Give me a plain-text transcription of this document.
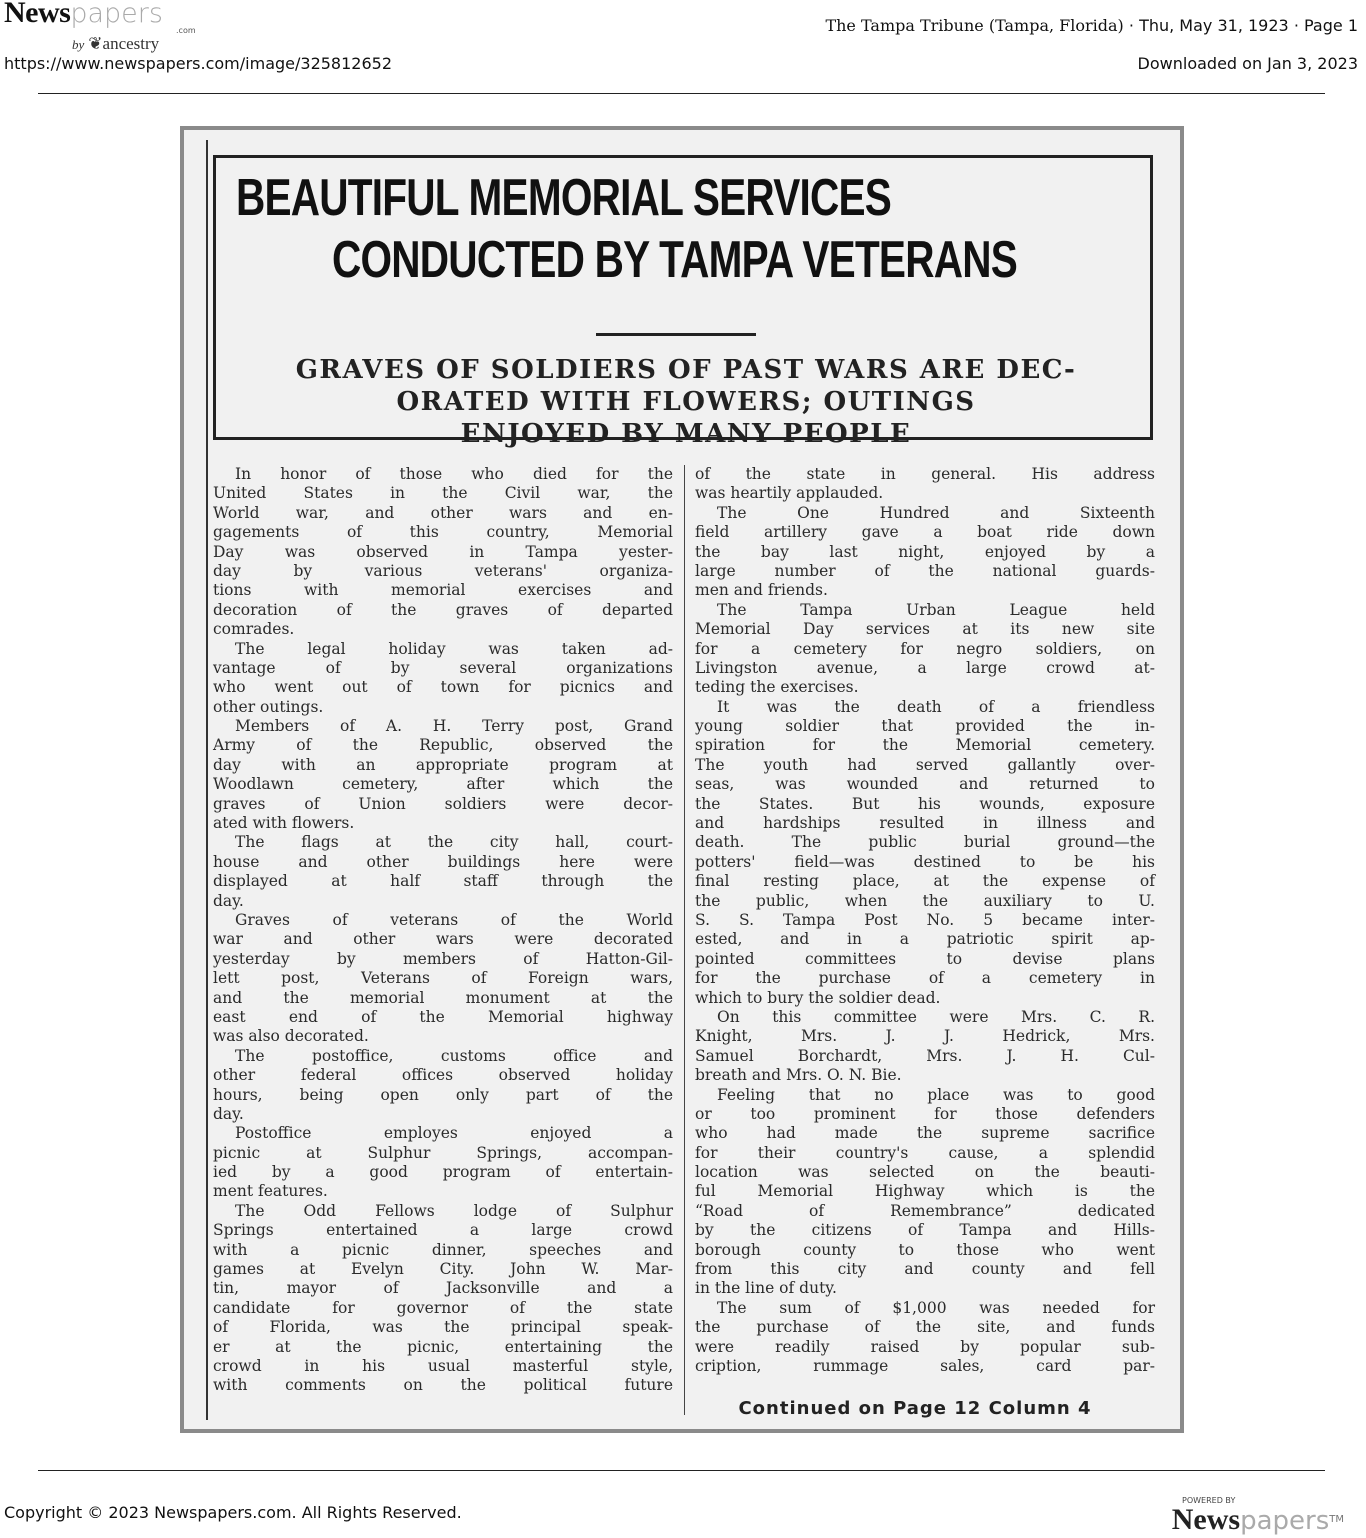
Newspapers
.com
by ❦ancestry
https://www.newspapers.com/image/325812652
The Tampa Tribune (Tampa, Florida) · Thu, May 31, 1923 · Page 1
Downloaded on Jan 3, 2023
BEAUTIFUL MEMORIAL SERVICES
CONDUCTED BY TAMPA VETERANS
GRAVES OF SOLDIERS OF PAST WARS ARE DEC-
ORATED WITH FLOWERS; OUTINGS
ENJOYED BY MANY PEOPLE
In honor of those who died for the
United States in the Civil war, the
World war, and other wars and en-
gagements of this country, Memorial
Day was observed in Tampa yester-
day by various veterans' organiza-
tions with memorial exercises and
decoration of the graves of departed
comrades.
The legal holiday was taken ad-
vantage of by several organizations
who went out of town for picnics and
other outings.
Members of A. H. Terry post, Grand
Army of the Republic, observed the
day with an appropriate program at
Woodlawn cemetery, after which the
graves of Union soldiers were decor-
ated with flowers.
The flags at the city hall, court-
house and other buildings here were
displayed at half staff through the
day.
Graves of veterans of the World
war and other wars were decorated
yesterday by members of Hatton-Gil-
lett post, Veterans of Foreign wars,
and the memorial monument at the
east end of the Memorial highway
was also decorated.
The postoffice, customs office and
other federal offices observed holiday
hours, being open only part of the
day.
Postoffice employes enjoyed a
picnic at Sulphur Springs, accompan-
ied by a good program of entertain-
ment features.
The Odd Fellows lodge of Sulphur
Springs entertained a large crowd
with a picnic dinner, speeches and
games at Evelyn City. John W. Mar-
tin, mayor of Jacksonville and a
candidate for governor of the state
of Florida, was the principal speak-
er at the picnic, entertaining the
crowd in his usual masterful style,
with comments on the political future
of the state in general. His address
was heartily applauded.
The One Hundred and Sixteenth
field artillery gave a boat ride down
the bay last night, enjoyed by a
large number of the national guards-
men and friends.
The Tampa Urban League held
Memorial Day services at its new site
for a cemetery for negro soldiers, on
Livingston avenue, a large crowd at-
teding the exercises.
It was the death of a friendless
young soldier that provided the in-
spiration for the Memorial cemetery.
The youth had served gallantly over-
seas, was wounded and returned to
the States. But his wounds, exposure
and hardships resulted in illness and
death. The public burial ground—the
potters' field—was destined to be his
final resting place, at the expense of
the public, when the auxiliary to U.
S. S. Tampa Post No. 5 became inter-
ested, and in a patriotic spirit ap-
pointed committees to devise plans
for the purchase of a cemetery in
which to bury the soldier dead.
On this committee were Mrs. C. R.
Knight, Mrs. J. J. Hedrick, Mrs.
Samuel Borchardt, Mrs. J. H. Cul-
breath and Mrs. O. N. Bie.
Feeling that no place was to good
or too prominent for those defenders
who had made the supreme sacrifice
for their country's cause, a splendid
location was selected on the beauti-
ful Memorial Highway which is the
“Road of Remembrance” dedicated
by the citizens of Tampa and Hills-
borough county to those who went
from this city and county and fell
in the line of duty.
The sum of $1,000 was needed for
the purchase of the site, and funds
were readily raised by popular sub-
cription, rummage sales, card par-
Continued on Page 12 Column 4
Copyright © 2023 Newspapers.com. All Rights Reserved.
POWERED BY
Newspapers™
